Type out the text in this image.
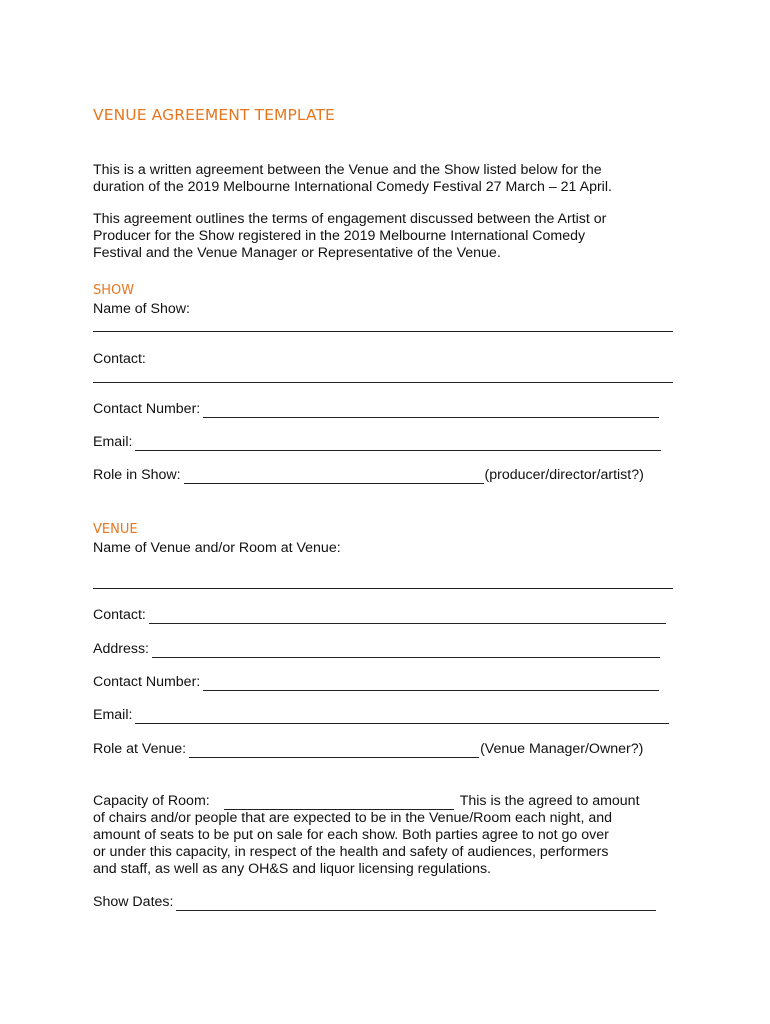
VENUE AGREEMENT TEMPLATE
This is a written agreement between the Venue and the Show listed below for the
duration of the 2019 Melbourne International Comedy Festival 27 March – 21 April.
This agreement outlines the terms of engagement discussed between the Artist or
Producer for the Show registered in the 2019 Melbourne International Comedy
Festival and the Venue Manager or Representative of the Venue.
SHOW
Name of Show:
Contact:
Contact Number:
Email:
Role in Show:	(producer/director/artist?)
VENUE
Name of Venue and/or Room at Venue:
Contact:
Address:
Contact Number:
Email:
Role at Venue:	(Venue Manager/Owner?)
Capacity of Room:	This is the agreed to amount
of chairs and/or people that are expected to be in the Venue/Room each night, and
amount of seats to be put on sale for each show. Both parties agree to not go over
or under this capacity, in respect of the health and safety of audiences, performers
and staff, as well as any OH&S and liquor licensing regulations.
Show Dates:
